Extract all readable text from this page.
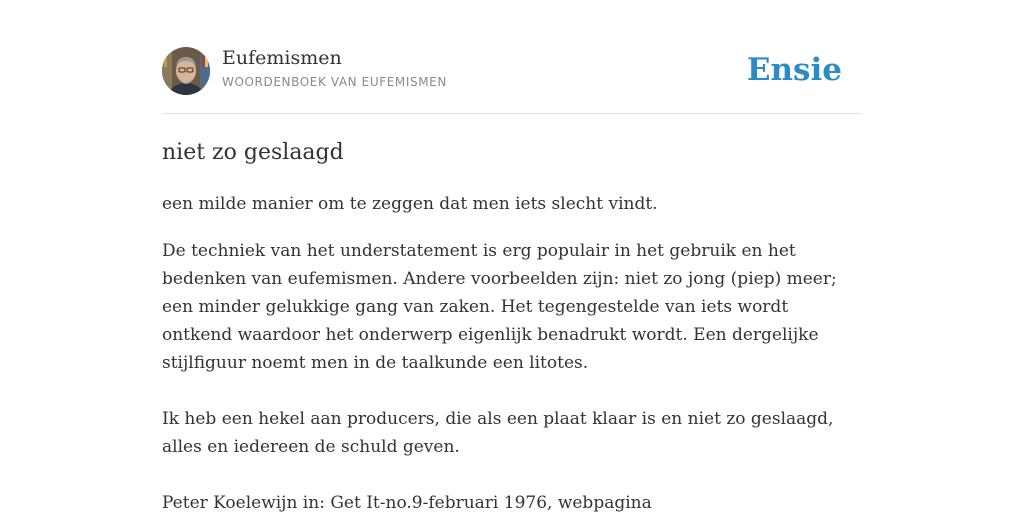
Eufemismen
WOORDENBOEK VAN EUFEMISMEN	Ensie
niet zo geslaagd

een milde manier om te zeggen dat men iets slecht vindt.

De techniek van het understatement is erg populair in het gebruik en het bedenken van eufemismen. Andere voorbeelden zijn: niet zo jong (piep) meer; een minder gelukkige gang van zaken. Het tegengestelde van iets wordt ontkend waardoor het onderwerp eigenlijk benadrukt wordt. Een dergelijke stijlfiguur noemt men in de taalkunde een litotes.

Ik heb een hekel aan producers, die als een plaat klaar is en niet zo geslaagd, alles en iedereen de schuld geven.

Peter Koelewijn in: Get It-no.9-februari 1976, webpagina
